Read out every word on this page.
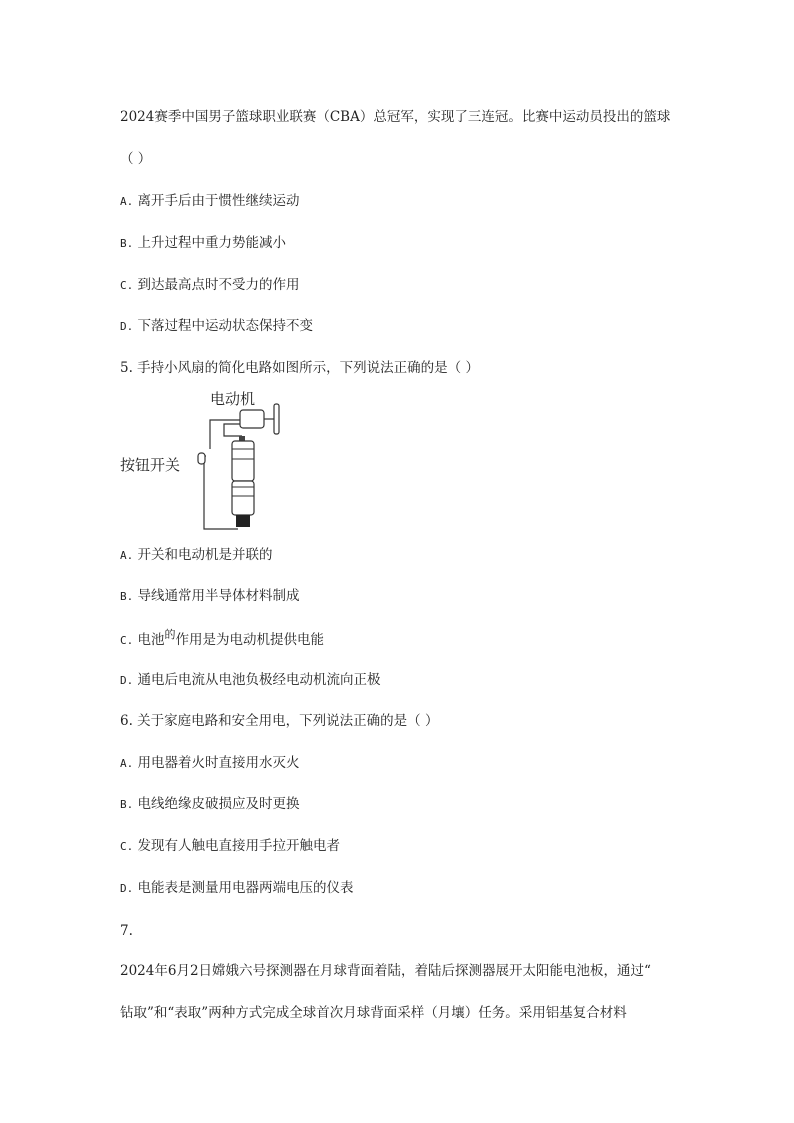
2024赛季中国男子篮球职业联赛（CBA）总冠军，实现了三连冠。比赛中运动员投出的篮球
（ ）
A. 离开手后由于惯性继续运动
B. 上升过程中重力势能减小
C. 到达最高点时不受力的作用
D. 下落过程中运动状态保持不变
5. 手持小风扇的简化电路如图所示，下列说法正确的是（ ）
电动机
按钮开关
A. 开关和电动机是并联的
B. 导线通常用半导体材料制成
C. 电池$^的$作用是为电动机提供电能
D. 通电后电流从电池负极经电动机流向正极
6. 关于家庭电路和安全用电，下列说法正确的是（ ）
A. 用电器着火时直接用水灭火
B. 电线绝缘皮破损应及时更换
C. 发现有人触电直接用手拉开触电者
D. 电能表是测量用电器两端电压的仪表
7.
2024年6月2日嫦娥六号探测器在月球背面着陆，着陆后探测器展开太阳能电池板，通过“
钻取”和“表取”两种方式完成全球首次月球背面采样（月壤）任务。采用铝基复合材料
